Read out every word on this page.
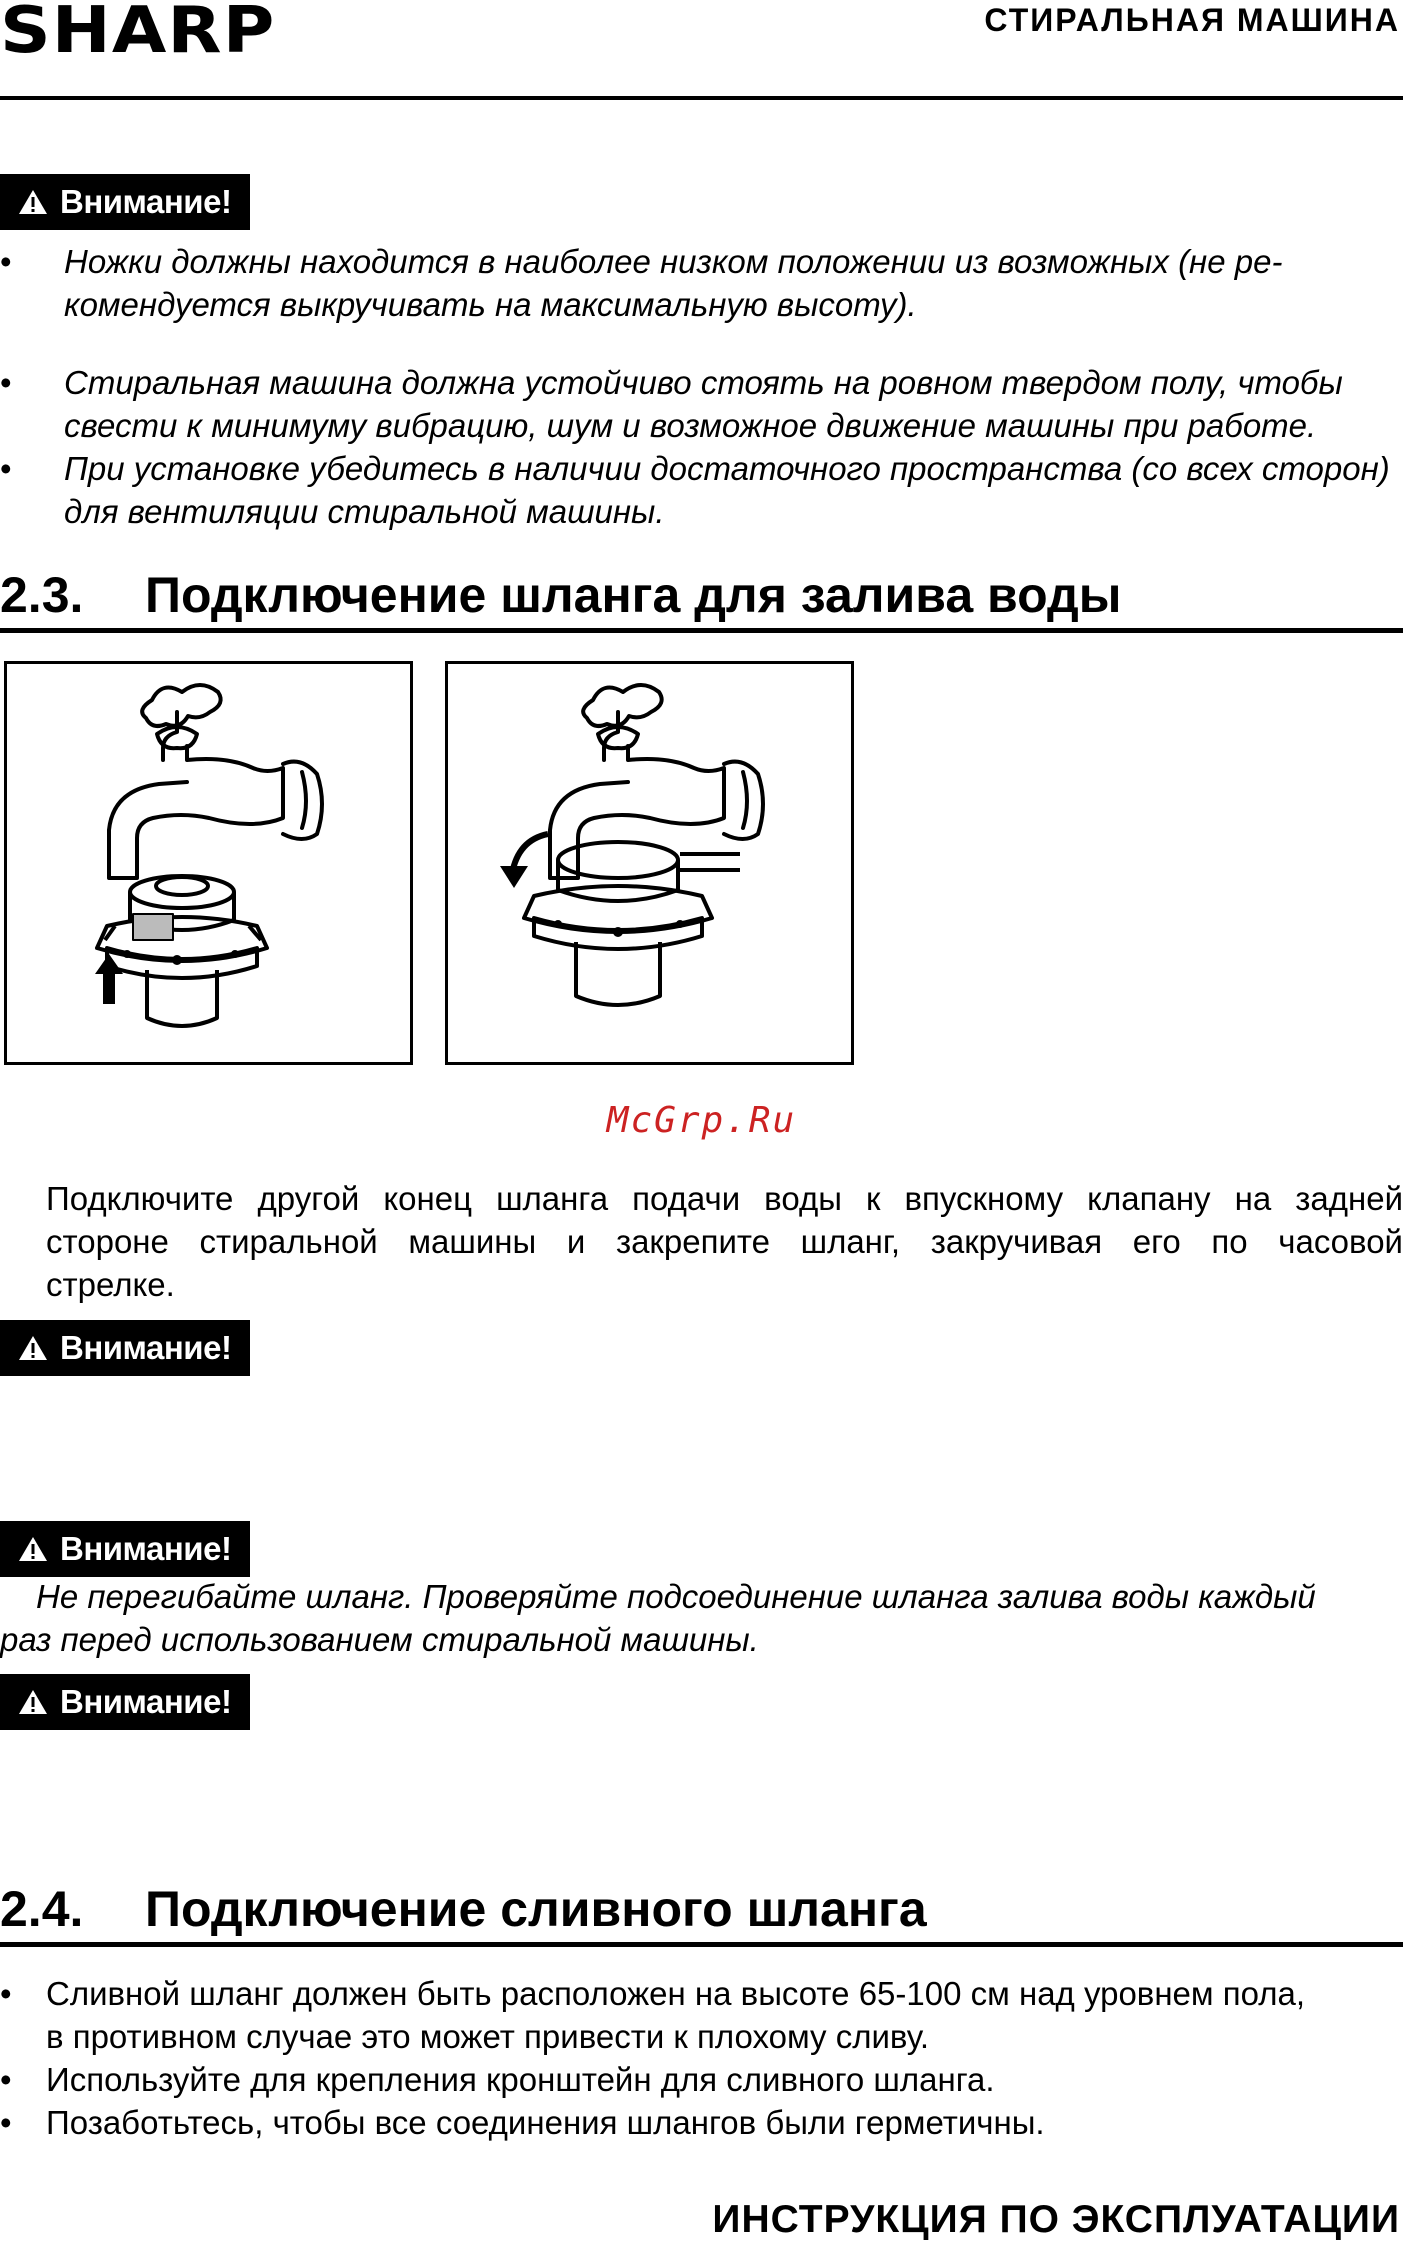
SHARP	СТИРАЛЬНАЯ МАШИНА
Внимание!
• Ножки должны находится в наиболее низком положении из возможных (не ре-
комендуется выкручивать на максимальную высоту).
• Стиральная машина должна устойчиво стоять на ровном твердом полу, чтобы
свести к минимуму вибрацию, шум и возможное движение машины при работе.
• При установке убедитесь в наличии достаточного пространства (со всех сторон)
для вентиляции стиральной машины.
2.3. Подключение шланга для залива воды
McGrp.Ru
Подключите другой конец шланга подачи воды к впускному клапану на задней
стороне стиральной машины и закрепите шланг, закручивая его по часовой
стрелке.
Внимание!
Внимание!
Не перегибайте шланг. Проверяйте подсоединение шланга залива воды каждый
раз перед использованием стиральной машины.
Внимание!
2.4. Подключение сливного шланга
• Сливной шланг должен быть расположен на высоте 65-100 см над уровнем пола,
в противном случае это может привести к плохому сливу.
• Используйте для крепления кронштейн для сливного шланга.
• Позаботьтесь, чтобы все соединения шлангов были герметичны.
ИНСТРУКЦИЯ ПО ЭКСПЛУАТАЦИИ
